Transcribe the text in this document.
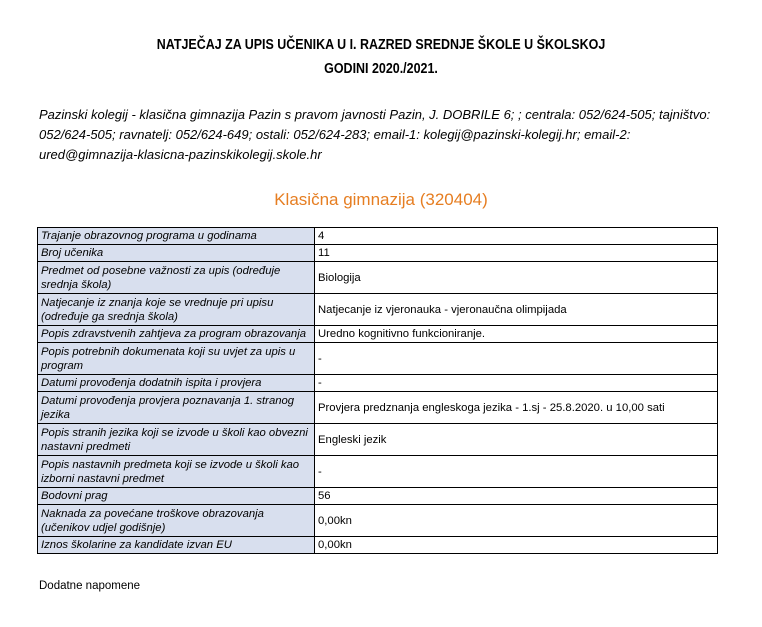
NATJEČAJ ZA UPIS UČENIKA U I. RAZRED SREDNJE ŠKOLE U ŠKOLSKOJ
GODINI 2020./2021.
Pazinski kolegij - klasična gimnazija Pazin s pravom javnosti Pazin, J. DOBRILE 6; ; centrala: 052/624-505; tajništvo: 052/624-505; ravnatelj: 052/624-649; ostali: 052/624-283; email-1: kolegij@pazinski-kolegij.hr; email-2: ured@gimnazija-klasicna-pazinskikolegij.skole.hr
Klasična gimnazija (320404)
Trajanje obrazovnog programa u godinama	4
Broj učenika	11
Predmet od posebne važnosti za upis (određuje srednja škola)	Biologija
Natjecanje iz znanja koje se vrednuje pri upisu (određuje ga srednja škola)	Natjecanje iz vjeronauka - vjeronaučna olimpijada
Popis zdravstvenih zahtjeva za program obrazovanja	Uredno kognitivno funkcioniranje.
Popis potrebnih dokumenata koji su uvjet za upis u program	-
Datumi provođenja dodatnih ispita i provjera	-
Datumi provođenja provjera poznavanja 1. stranog jezika	Provjera predznanja engleskoga jezika - 1.sj - 25.8.2020. u 10,00 sati
Popis stranih jezika koji se izvode u školi kao obvezni nastavni predmeti	Engleski jezik
Popis nastavnih predmeta koji se izvode u školi kao izborni nastavni predmet	-
Bodovni prag	56
Naknada za povećane troškove obrazovanja (učenikov udjel godišnje)	0,00kn
Iznos školarine za kandidate izvan EU	0,00kn
Dodatne napomene
